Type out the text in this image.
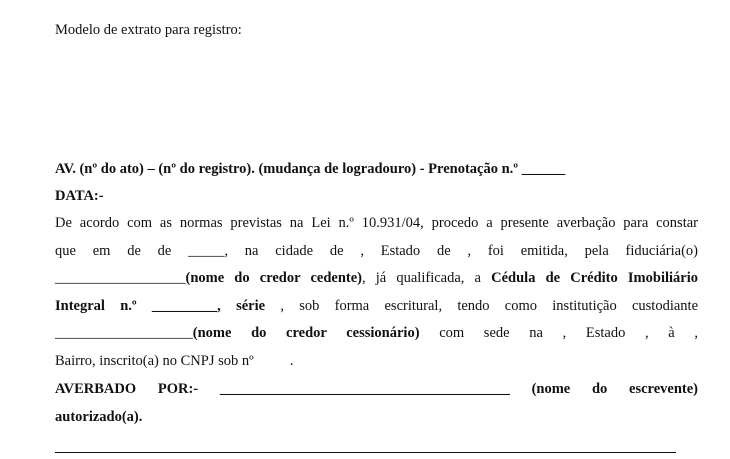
Modelo de extrato para registro:
AV. (nº do ato) – (nº do registro). (mudança de logradouro) - Prenotação n.º ______
DATA:-
De acordo com as normas previstas na Lei n.º 10.931/04, procedo a presente averbação para constar
que em de de _____, na cidade de , Estado de , foi emitida, pela fiduciária(o)
__________________(nome do credor cedente), já qualificada, a Cédula de Crédito Imobiliário
Integral n.º _________, série , sob forma escritural, tendo como institutição custodiante
___________________(nome do credor cessionário) com sede na , Estado , à ,
Bairro, inscrito(a) no CNPJ sob nº          .
AVERBADO POR:- ________________________________________ (nome do escrevente)
autorizado(a).
